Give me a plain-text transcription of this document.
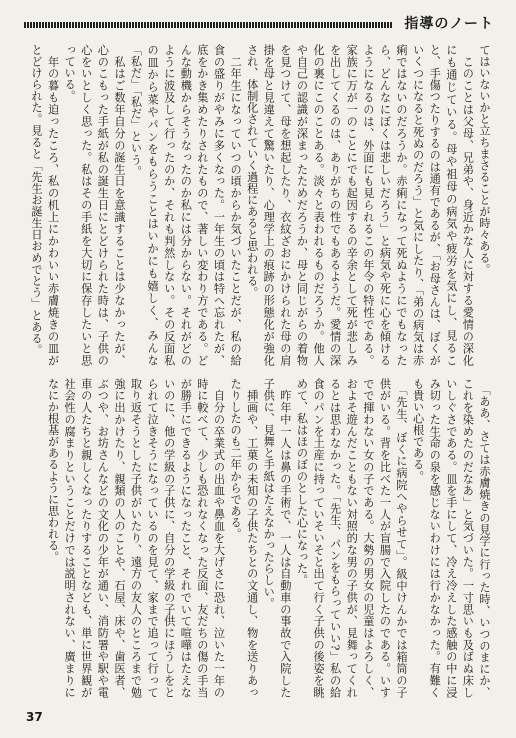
指導のノート

てはいないかと立ちまさることが時々ある。

　このことは父母、兄弟や、身近かな人に対する愛情の深化にも通じている。母や祖母の病気や疲労を気にし、見ること、手傷つたりするのは通有であるが、「お母さんは、ぼくがいくつになると死ぬのだろう」と気にしたり、「弟の病気は赤痢ではないのだろうか。赤痢になって死ぬようにでもなったら、どんなにぼくは悲しいだろう」と病気や死に心を傾けるようになるのは、外面にも見られるこの年令の特性である。家族に万が一のことにでも起因するの辛余として死が悲しみを出してくるのは、ありがちの性でもあるようだ。愛情の深化の裏にこのことある。淡々と表われるものだろうか。他人や自己の認識が深まったためだろうか、母と同じがらの着物を見つけて、母を想起したり、衣紋ざおにかけられた母の肩掛を母と見違えて驚いたり、心理学上の痕跡の形態化が強化され、体制化されていく過程にあると思われる。

　二年生になっていつの頃からか気づいたことだが、私の給食の盛りがやみに多くなった。一年生の頃は特へ忘れたが、底をかき集めたりされたもので、著しい変わり方である。どんな動機からそうなったのか私には分からない。それがどのように波及して行ったのか、それも判然しない。その反面私の皿から菜やパンをもらうことはいかにも嬉しく、みんな「私だ」「私だ」という。

　私はご数年自分の誕生日を意識することは少なかったが、心のこもった手紙が私の誕生日にとどけられた時は、子供の心をいとしく思った。私はその手紙を大切に保存したいと思っている。

　年の暮も迫ったころ、私の机上にかわいい赤膚焼きの皿がとどけられた。見ると「先生お誕生日おめでとう」とある。

　「ああ、さては赤膚焼きの見学に行った時、いつのまにか、これを染めたのだなあ」と気づいた。一寸思いも及ばぬ床しいしぐさである。皿を手にして、冷え冷えした感触の中に浸み切った生命の泉を感じないわけには行かなかった。有難くも貴い心根である。

　「先生、ぼくに病院へやらせて」。級中けんかでは箱筒の子供がいる。背を比べた一人が盲腸で入院したのである。いすでで揮わない女の子である。大勢の男女の児童はよろしく、およそ遊んだこともない対照的な男の子供が、見舞ってくれるとは思わなかった。「先生、パンをもらっていい?」私の給食のパンを土産に持っていそいそと出て行く子供の後姿を眺めて、私はほのぼのとした心になった。

　昨年中一人は鼻の手術で、一人は自動車の事故で入院した子供に、見舞と手紙はたえなかったらしい。

　挿画や、工菓の未知の子供たちとの文通し、物を送りあったりしたのも二年からである。

　自分の卒業式の出血や鼻血を大げさに恐れ、泣いた一年の時に較べて、少しも恐れなくなった反面、友だちの傷の手当が勝手にできるようになったこと、それでいて喧嘩はたえないのに、他の学級の子供に、自分の学級の子供にほうしをとられて泣きそうになっているのを見て、家まで追って行って取り返そうとした子供がいたり、遠方の友人のところまで勉強に出かけたり、親類の人のことや、石屋、床や、歯医者、ぶつや、お坊さんなどの文化の少年が通い、消防署や駅や電車の人たちと親しくなったりすることなども、単に世界観が社会性の腐まりということだけでは説明されない、廣まりになにか根基があるように思われる。

37
